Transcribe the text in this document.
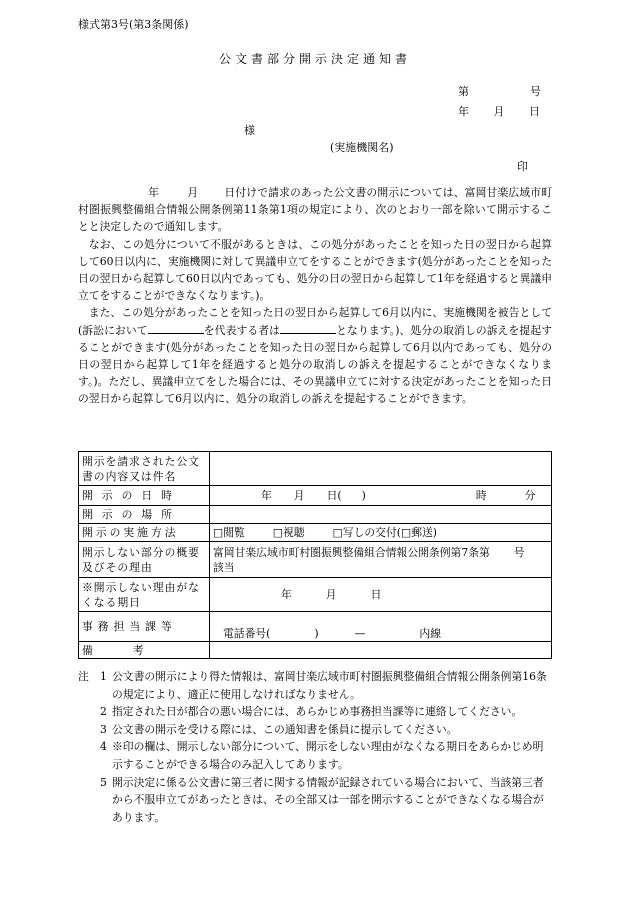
様式第3号(第3条関係)
公文書部分開示決定通知書
第	号
年 月 日
様
(実施機関名)
印

年	月 日付けで請求のあった公文書の開示については、富岡甘楽広域市町村圏振興整備組合情報公開条例第11条第1項の規定により、次のとおり一部を除いて開示することと決定したので通知します。

なお、この処分について不服があるときは、この処分があったことを知った日の翌日から起算して60日以内に、実施機関に対して異議申立てをすることができます(処分があったことを知った日の翌日から起算して60日以内であっても、処分の日の翌日から起算して1年を経過すると異議申立てをすることができなくなります。)。

また、この処分があったことを知った日の翌日から起算して6月以内に、実施機関を被告として(訴訟において	を代表する者は	となります。)、処分の取消しの訴えを提起することができます(処分があったことを知った日の翌日から起算して6月以内であっても、処分の日の翌日から起算して1年を経過すると処分の取消しの訴えを提起することができなくなります。)。ただし、異議申立てをした場合には、その異議申立てに対する決定があったことを知った日の翌日から起算して6月以内に、処分の取消しの訴えを提起することができます。

開示を請求された公文書の内容又は件名	
開示の日時	年 月 日( ) 時 分
開示の場所	
開示の実施方法	□閲覧 □視聴 □写しの交付(□郵送)
開示しない部分の概要及びその理由	富岡甘楽広域市町村圏振興整備組合情報公開条例第7条第 号
該当

※開示しない理由がなくなる期日	年 月 日
事務担当課等	電話番号( ) — 内線
備考	

注 1 公文書の開示により得た情報は、富岡甘楽広域市町村圏振興整備組合情報公開条例第16条の規定により、適正に使用しなければなりません。

2 指定された日が都合の悪い場合には、あらかじめ事務担当課等に連絡してください。

3 公文書の開示を受ける際には、この通知書を係員に提示してください。

4 ※印の欄は、開示しない部分について、開示をしない理由がなくなる期日をあらかじめ明示することができる場合のみ記入してあります。

5 開示決定に係る公文書に第三者に関する情報が記録されている場合において、当該第三者から不服申立てがあったときは、その全部又は一部を開示することができなくなる場合があります。
